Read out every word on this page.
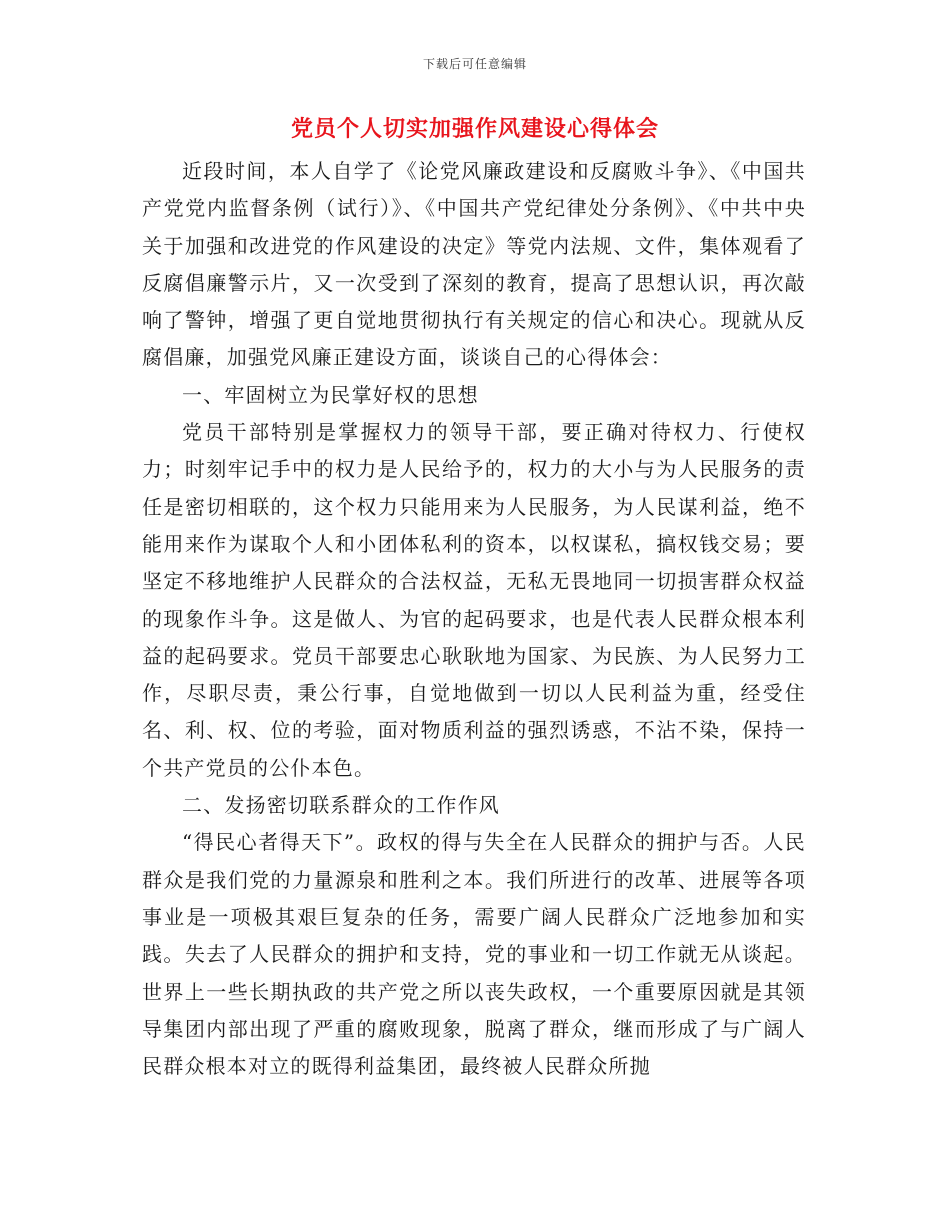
下载后可任意编辑
党员个人切实加强作风建设心得体会

近段时间，本人自学了《论党风廉政建设和反腐败斗争》、《中国共产党党内监督条例（试行）》、《中国共产党纪律处分条例》、《中共中央关于加强和改进党的作风建设的决定》等党内法规、文件，集体观看了反腐倡廉警示片，又一次受到了深刻的教育，提高了思想认识，再次敲响了警钟，增强了更自觉地贯彻执行有关规定的信心和决心。现就从反腐倡廉，加强党风廉正建设方面，谈谈自己的心得体会：

一、牢固树立为民掌好权的思想

党员干部特别是掌握权力的领导干部，要正确对待权力、行使权力；时刻牢记手中的权力是人民给予的，权力的大小与为人民服务的责任是密切相联的，这个权力只能用来为人民服务，为人民谋利益，绝不能用来作为谋取个人和小团体私利的资本，以权谋私，搞权钱交易；要坚定不移地维护人民群众的合法权益，无私无畏地同一切损害群众权益的现象作斗争。这是做人、为官的起码要求，也是代表人民群众根本利益的起码要求。党员干部要忠心耿耿地为国家、为民族、为人民努力工作，尽职尽责，秉公行事，自觉地做到一切以人民利益为重，经受住名、利、权、位的考验，面对物质利益的强烈诱惑，不沾不染，保持一个共产党员的公仆本色。

二、发扬密切联系群众的工作作风

“得民心者得天下”。政权的得与失全在人民群众的拥护与否。人民群众是我们党的力量源泉和胜利之本。我们所进行的改革、进展等各项事业是一项极其艰巨复杂的任务，需要广阔人民群众广泛地参加和实践。失去了人民群众的拥护和支持，党的事业和一切工作就无从谈起。世界上一些长期执政的共产党之所以丧失政权，一个重要原因就是其领导集团内部出现了严重的腐败现象，脱离了群众，继而形成了与广阔人民群众根本对立的既得利益集团，最终被人民群众所抛
